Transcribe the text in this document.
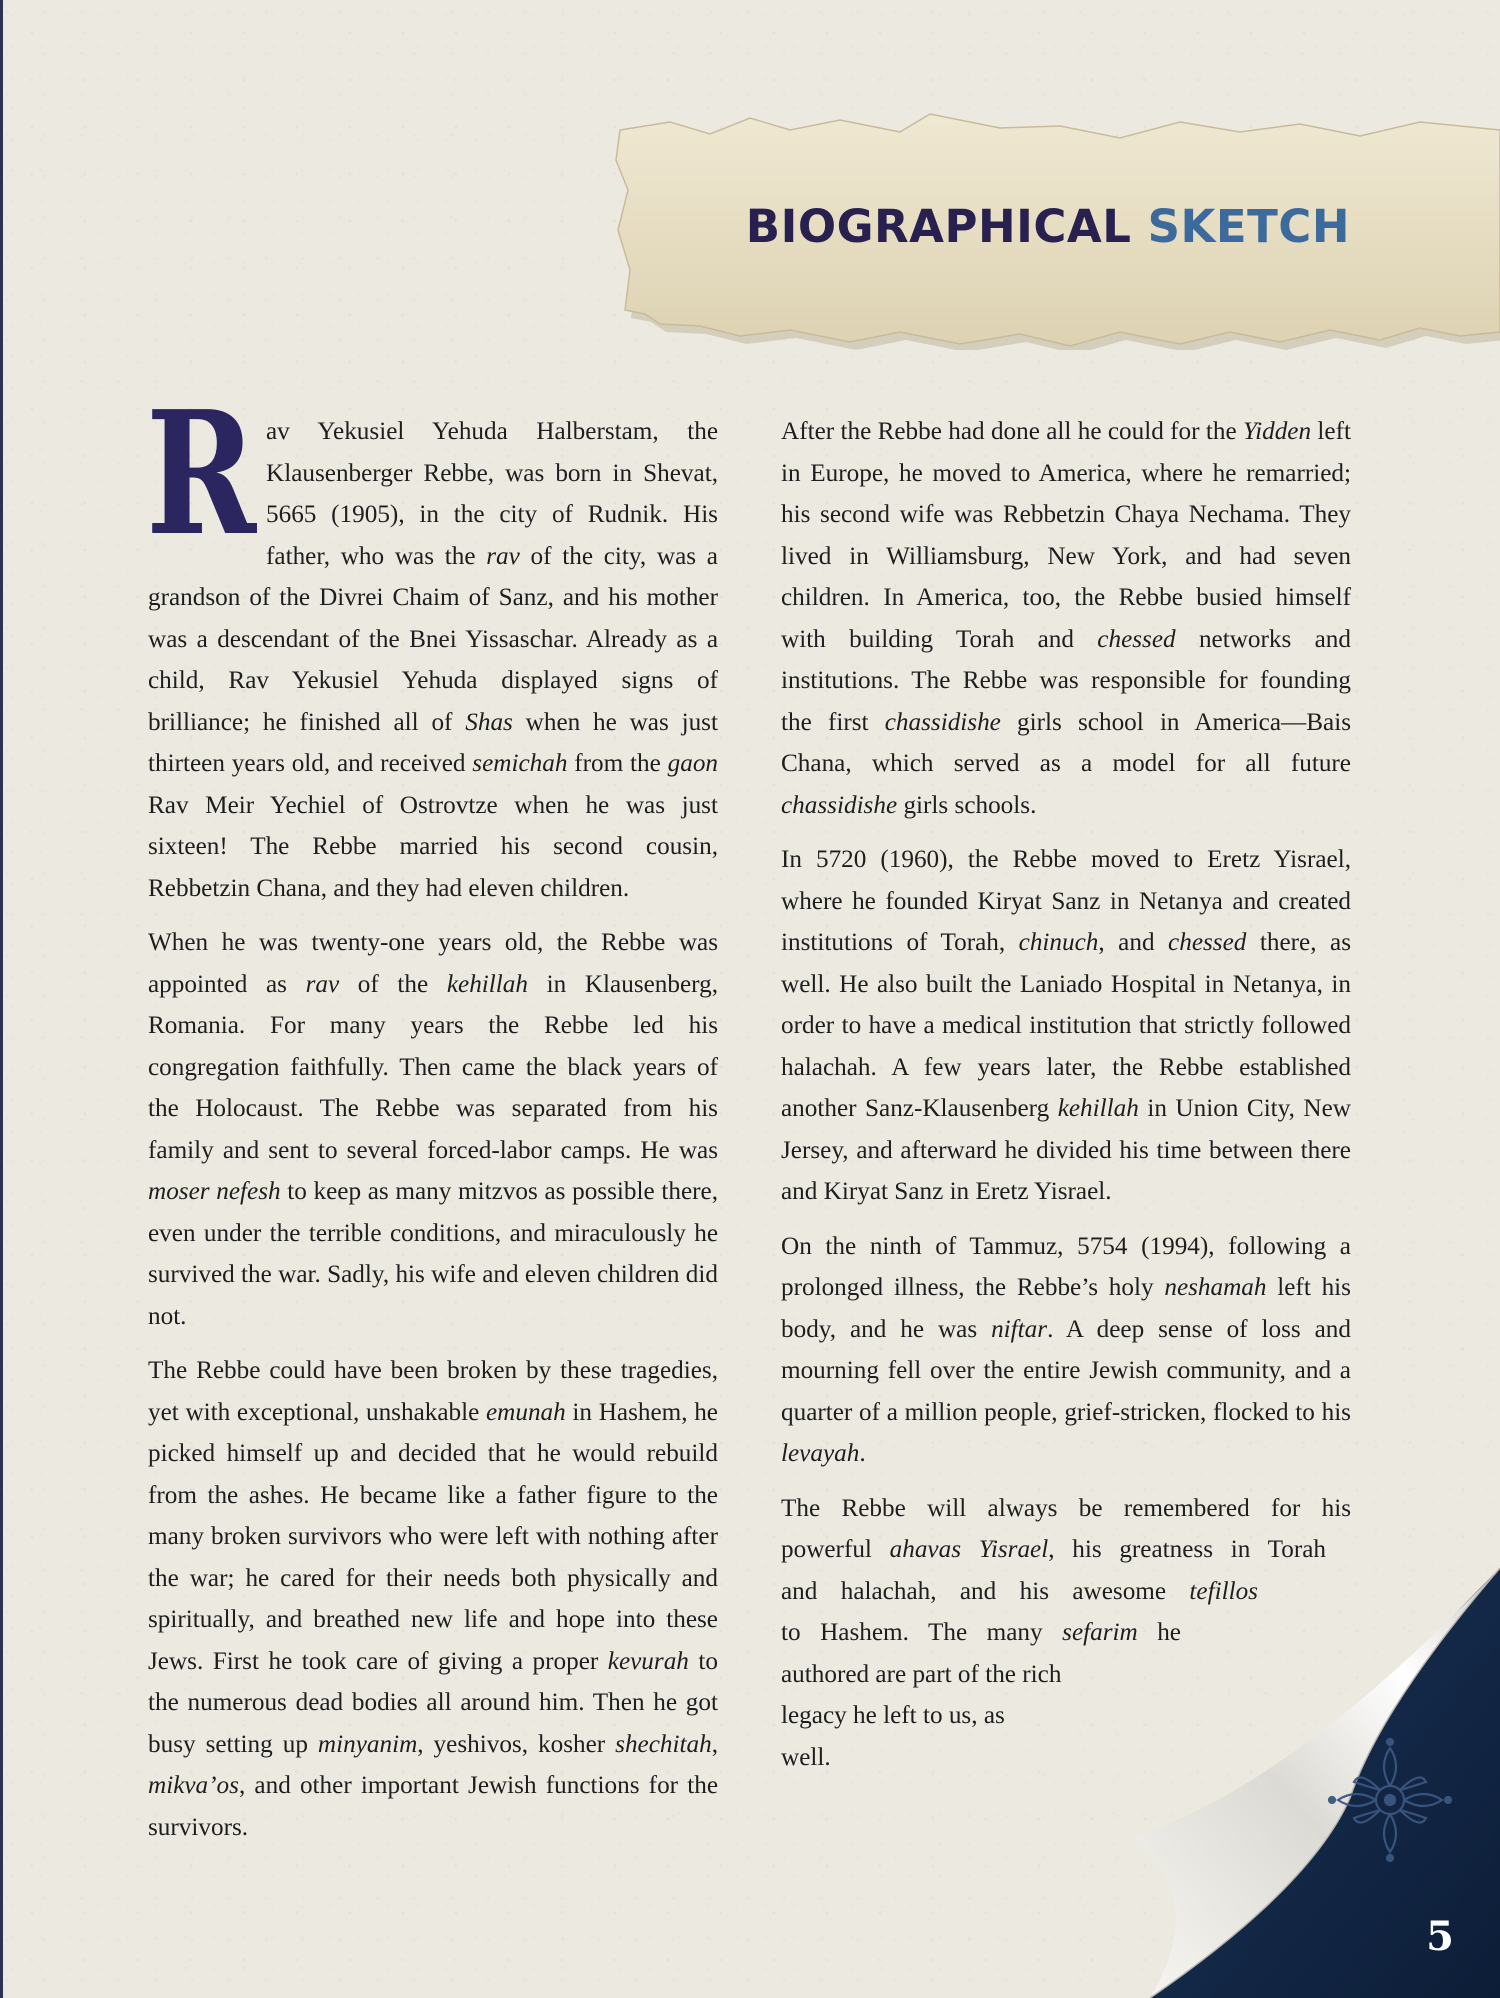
BIOGRAPHICAL SKETCH

Rav Yekusiel Yehuda Halberstam, the Klausenberger Rebbe, was born in Shevat, 5665 (1905), in the city of Rudnik. His father, who was the rav of the city, was a grandson of the Divrei Chaim of Sanz, and his mother was a descendant of the Bnei Yissaschar. Already as a child, Rav Yekusiel Yehuda displayed signs of brilliance; he finished all of Shas when he was just thirteen years old, and received semichah from the gaon Rav Meir Yechiel of Ostrovtze when he was just sixteen! The Rebbe married his second cousin, Rebbetzin Chana, and they had eleven children.

When he was twenty-one years old, the Rebbe was appointed as rav of the kehillah in Klausenberg, Romania. For many years the Rebbe led his congregation faithfully. Then came the black years of the Holocaust. The Rebbe was separated from his family and sent to several forced-labor camps. He was moser nefesh to keep as many mitzvos as possible there, even under the terrible conditions, and miraculously he survived the war. Sadly, his wife and eleven children did not.

The Rebbe could have been broken by these tragedies, yet with exceptional, unshakable emunah in Hashem, he picked himself up and decided that he would rebuild from the ashes. He became like a father figure to the many broken survivors who were left with nothing after the war; he cared for their needs both physically and spiritually, and breathed new life and hope into these Jews. First he took care of giving a proper kevurah to the numerous dead bodies all around him. Then he got busy setting up minyanim, yeshivos, kosher shechitah, mikva’os, and other important Jewish functions for the survivors.

After the Rebbe had done all he could for the Yidden left in Europe, he moved to America, where he remarried; his second wife was Rebbetzin Chaya Nechama. They lived in Williamsburg, New York, and had seven children. In America, too, the Rebbe busied himself with building Torah and chessed networks and institutions. The Rebbe was responsible for founding the first chassidishe girls school in America—Bais Chana, which served as a model for all future chassidishe girls schools.

In 5720 (1960), the Rebbe moved to Eretz Yisrael, where he founded Kiryat Sanz in Netanya and created institutions of Torah, chinuch, and chessed there, as well. He also built the Laniado Hospital in Netanya, in order to have a medical institution that strictly followed halachah. A few years later, the Rebbe established another Sanz-Klausenberg kehillah in Union City, New Jersey, and afterward he divided his time between there and Kiryat Sanz in Eretz Yisrael.

On the ninth of Tammuz, 5754 (1994), following a prolonged illness, the Rebbe’s holy neshamah left his body, and he was niftar. A deep sense of loss and mourning fell over the entire Jewish community, and a quarter of a million people, grief-stricken, flocked to his levayah.

The Rebbe will always be remembered for his
powerful ahavas Yisrael, his greatness in Torah
and halachah, and his awesome tefillos
to Hashem. The many sefarim he
authored are part of the rich
legacy he left to us, as
well.

5
